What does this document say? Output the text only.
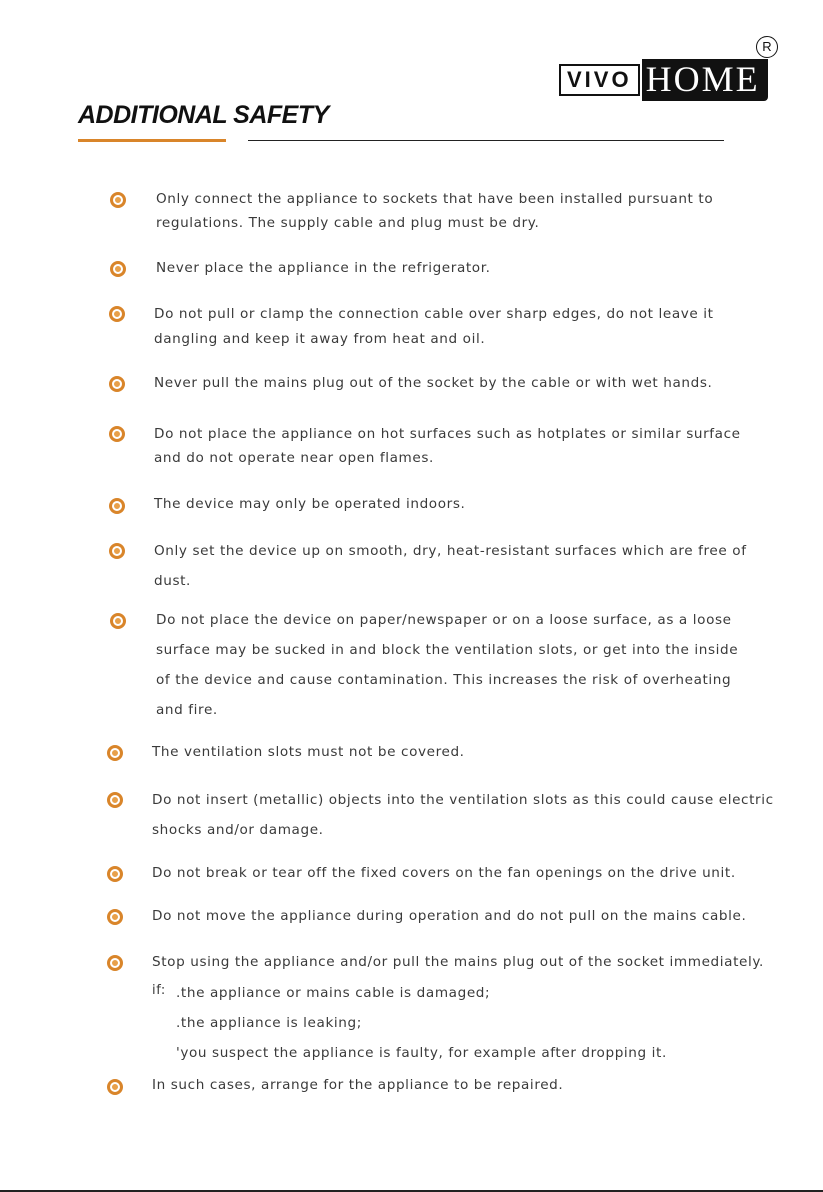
VIVO HOME
R
ADDITIONAL SAFETY
Only connect the appliance to sockets that have been installed pursuant to
regulations. The supply cable and plug must be dry.
Never place the appliance in the refrigerator.
Do not pull or clamp the connection cable over sharp edges, do not leave it
dangling and keep it away from heat and oil.
Never pull the mains plug out of the socket by the cable or with wet hands.
Do not place the appliance on hot surfaces such as hotplates or similar surface
and do not operate near open flames.
The device may only be operated indoors.
Only set the device up on smooth, dry, heat-resistant surfaces which are free of
dust.
Do not place the device on paper/newspaper or on a loose surface, as a loose
surface may be sucked in and block the ventilation slots, or get into the inside
of the device and cause contamination. This increases the risk of overheating
and fire.
The ventilation slots must not be covered.
Do not insert (metallic) objects into the ventilation slots as this could cause electric
shocks and/or damage.
Do not break or tear off the fixed covers on the fan openings on the drive unit.
Do not move the appliance during operation and do not pull on the mains cable.
Stop using the appliance and/or pull the mains plug out of the socket immediately.
if: .the appliance or mains cable is damaged;
.the appliance is leaking;
'you suspect the appliance is faulty, for example after dropping it.
In such cases, arrange for the appliance to be repaired.
